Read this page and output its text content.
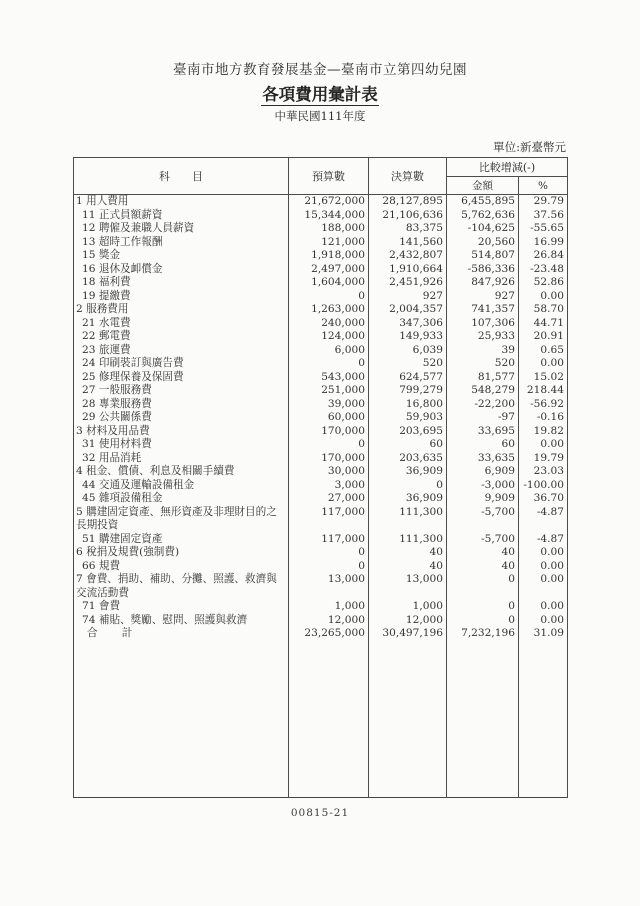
臺南市地方教育發展基金—臺南市立第四幼兒園
各項費用彙計表
中華民國111年度
單位:新臺幣元
科　　目	預算數	決算數	比較增減(-)	
			金額	%
1 用人費用	21,672,000	28,127,895	6,455,895	29.79
11 正式員額薪資	15,344,000	21,106,636	5,762,636	37.56
12 聘僱及兼職人員薪資	188,000	83,375	-104,625	-55.65
13 超時工作報酬	121,000	141,560	20,560	16.99
15 獎金	1,918,000	2,432,807	514,807	26.84
16 退休及卹償金	2,497,000	1,910,664	-586,336	-23.48
18 福利費	1,604,000	2,451,926	847,926	52.86
19 提繳費	0	927	927	0.00
2 服務費用	1,263,000	2,004,357	741,357	58.70
21 水電費	240,000	347,306	107,306	44.71
22 郵電費	124,000	149,933	25,933	20.91
23 旅運費	6,000	6,039	39	0.65
24 印刷裝訂與廣告費	0	520	520	0.00
25 修理保養及保固費	543,000	624,577	81,577	15.02
27 一般服務費	251,000	799,279	548,279	218.44
28 專業服務費	39,000	16,800	-22,200	-56.92
29 公共關係費	60,000	59,903	-97	-0.16
3 材料及用品費	170,000	203,695	33,695	19.82
31 使用材料費	0	60	60	0.00
32 用品消耗	170,000	203,635	33,635	19.79
4 租金、償債、利息及相關手續費	30,000	36,909	6,909	23.03
44 交通及運輸設備租金	3,000	0	-3,000	-100.00
45 雜項設備租金	27,000	36,909	9,909	36.70
5 購建固定資產、無形資產及非理財目的之長期投資	117,000	111,300	-5,700	-4.87
51 購建固定資產	117,000	111,300	-5,700	-4.87
6 稅捐及規費(強制費)	0	40	40	0.00
66 規費	0	40	40	0.00
7 會費、捐助、補助、分攤、照護、救濟與交流活動費	13,000	13,000	0	0.00
71 會費	1,000	1,000	0	0.00
74 補貼、獎勵、慰問、照護與救濟	12,000	12,000	0	0.00
合　　計	23,265,000	30,497,196	7,232,196	31.09

00815-21
